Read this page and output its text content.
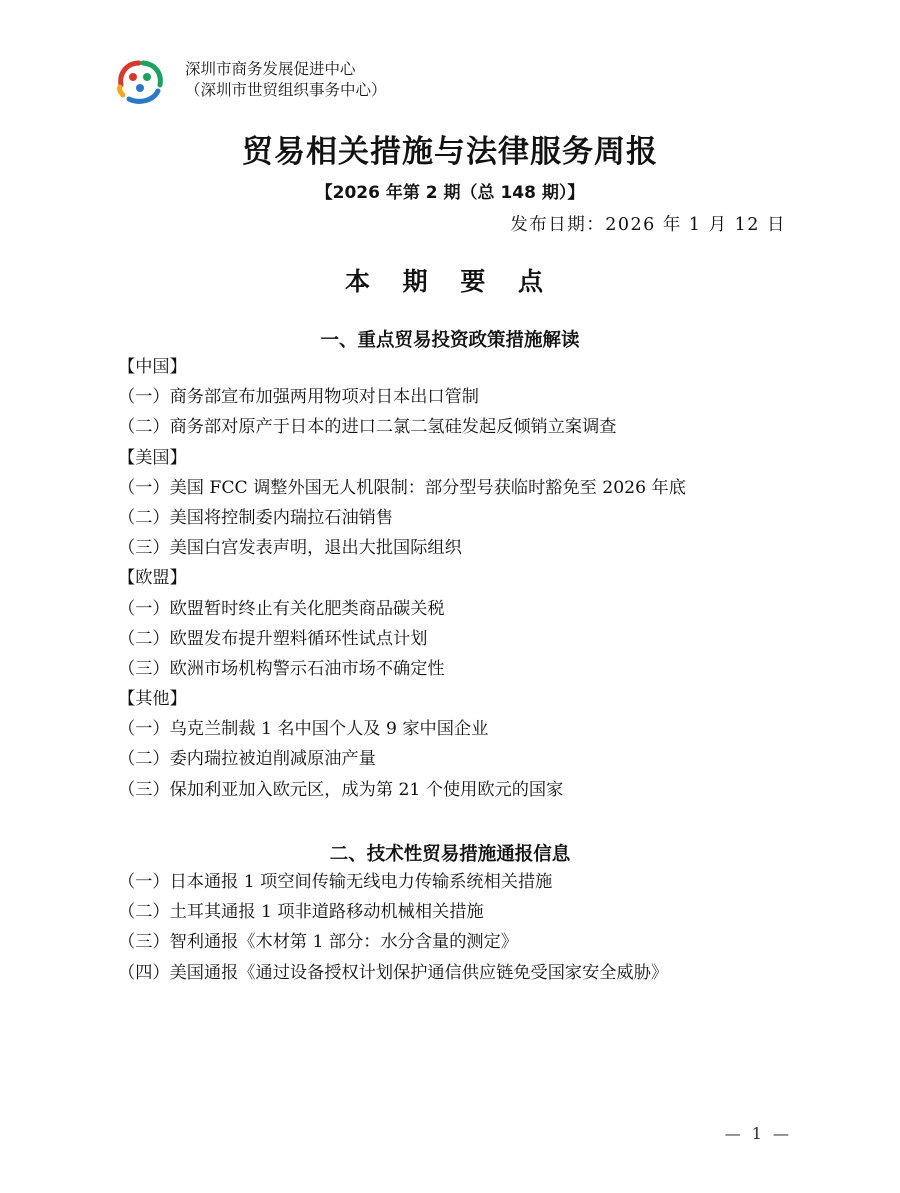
深圳市商务发展促进中心
（深圳市世贸组织事务中心）
贸易相关措施与法律服务周报
【2026 年第 2 期（总 148 期）】
发布日期：2026 年 1 月 12 日
本 期 要 点
一、重点贸易投资政策措施解读
【中国】
（一）商务部宣布加强两用物项对日本出口管制
（二）商务部对原产于日本的进口二氯二氢硅发起反倾销立案调查
【美国】
（一）美国 FCC 调整外国无人机限制：部分型号获临时豁免至 2026 年底
（二）美国将控制委内瑞拉石油销售
（三）美国白宫发表声明，退出大批国际组织
【欧盟】
（一）欧盟暂时终止有关化肥类商品碳关税
（二）欧盟发布提升塑料循环性试点计划
（三）欧洲市场机构警示石油市场不确定性
【其他】
（一）乌克兰制裁 1 名中国个人及 9 家中国企业
（二）委内瑞拉被迫削减原油产量
（三）保加利亚加入欧元区，成为第 21 个使用欧元的国家
二、技术性贸易措施通报信息
（一）日本通报 1 项空间传输无线电力传输系统相关措施
（二）土耳其通报 1 项非道路移动机械相关措施
（三）智利通报《木材第 1 部分：水分含量的测定》
（四）美国通报《通过设备授权计划保护通信供应链免受国家安全威胁》
— 1 —
